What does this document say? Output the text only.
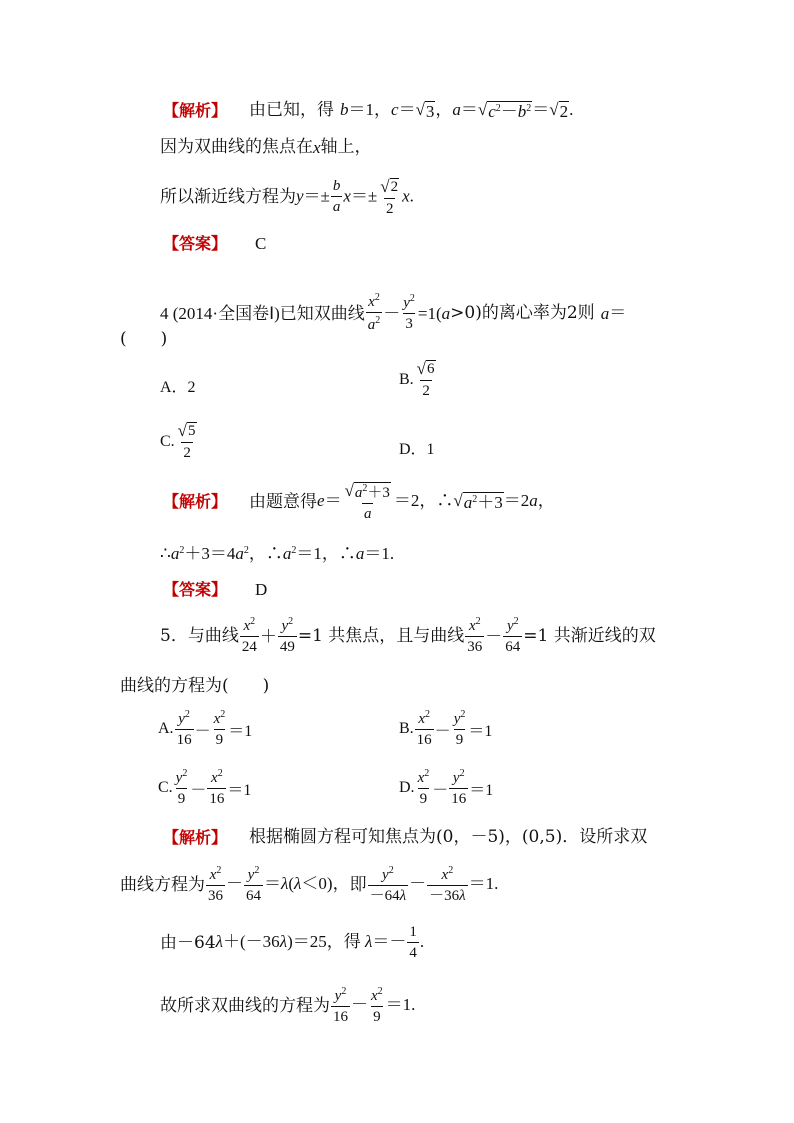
【解析】 由已知，得 b＝1，c＝ √ 3 ，a＝ √ $c^2-b^2$ ＝ √ 2 .
因为双曲线的焦点在 x 轴上，
所以渐近线方程为 $y=\pm \frac{b}{a} x=\pm \frac{√ 2}{2} x$.
【答案】 C
4 (2014·全国卷Ⅰ)已知双曲线 $\frac{x^2}{a^2} - \frac{y^2}{3} =1$( a >0)的离心率为2则 a ＝
(　　)
A．2	B. $\frac{√ 6}{2}$
C. $\frac{√ 5}{2}$	D．1
【解析】 由题意得 $e= \frac{√ a^2+3}{a} =2$，∴ √ $a^2+3 =2a$，
$\therefore a^2+3=4a^2$，$\therefore a^2=1$，∴a＝1.
【答案】 D
5．与曲线 $\frac{x^2}{24} + \frac{y^2}{49} =1$ 共焦点，且与曲线 $\frac{x^2}{36} - \frac{y^2}{64} =1$ 共渐近线的双
曲线的方程为(　　)
A. $\frac{y^2}{16} - \frac{x^2}{9} =1$	B. $\frac{x^2}{16} - \frac{y^2}{9} =1$
C. $\frac{y^2}{9} - \frac{x^2}{16} =1$	D. $\frac{x^2}{9} - \frac{y^2}{16} =1$
【解析】 根据椭圆方程可知焦点为(0，－5)，(0,5)．设所求双
曲线方程为 $\frac{x^2}{36} - \frac{y^2}{64} =\lambda(\lambda<0)$， 即 $\frac{y^2}{-64\lambda} - \frac{x^2}{-36\lambda} =1$.
由－64 λ＋(－36λ)＝25，得 $\lambda=- \frac{1}{4}$ .
故所求双曲线的方程为 $\frac{y^2}{16} - \frac{x^2}{9} =1$.
